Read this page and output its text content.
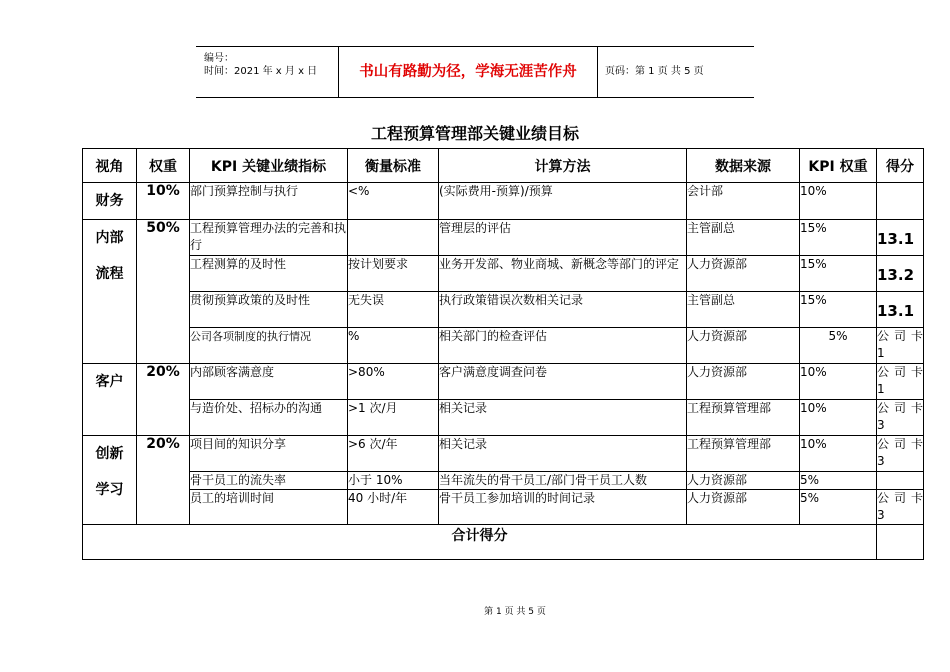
编号：
时间：2021 年 x 月 x 日	书山有路勤为径，学海无涯苦作舟	页码：第 1 页 共 5 页
工程预算管理部关键业绩目标
视角	权重	KPI 关键业绩指标	衡量标准	计算方法	数据来源	KPI 权重	得分
财务	10%	部门预算控制与执行	<%	(实际费用-预算)/预算	会计部	10%	
内部
流程	50%	工程预算管理办法的完善和执行		管理层的评估	主管副总	15%	13.1
		工程测算的及时性	按计划要求	业务开发部、物业商城、新概念等部门的评定	人力资源部	15%	13.2
		贯彻预算政策的及时性	无失误	执行政策错误次数相关记录	主管副总	15%	13.1
		公司各项制度的执行情况	%	相关部门的检查评估	人力资源部	5%	公司卡 1
客户	20%	内部顾客满意度	>80%	客户满意度调查问卷	人力资源部	10%	公司卡 1
		与造价处、招标办的沟通	>1 次/月	相关记录	工程预算管理部	10%	公司卡 3
创新
学习	20%	项目间的知识分享	>6 次/年	相关记录	工程预算管理部	10%	公司卡 3
		骨干员工的流失率	小于 10%	当年流失的骨干员工/部门骨干员工人数	人力资源部	5%	
		员工的培训时间	40 小时/年	骨干员工参加培训的时间记录	人力资源部	5%	公司卡 3
合计得分							
第 1 页 共 5 页
